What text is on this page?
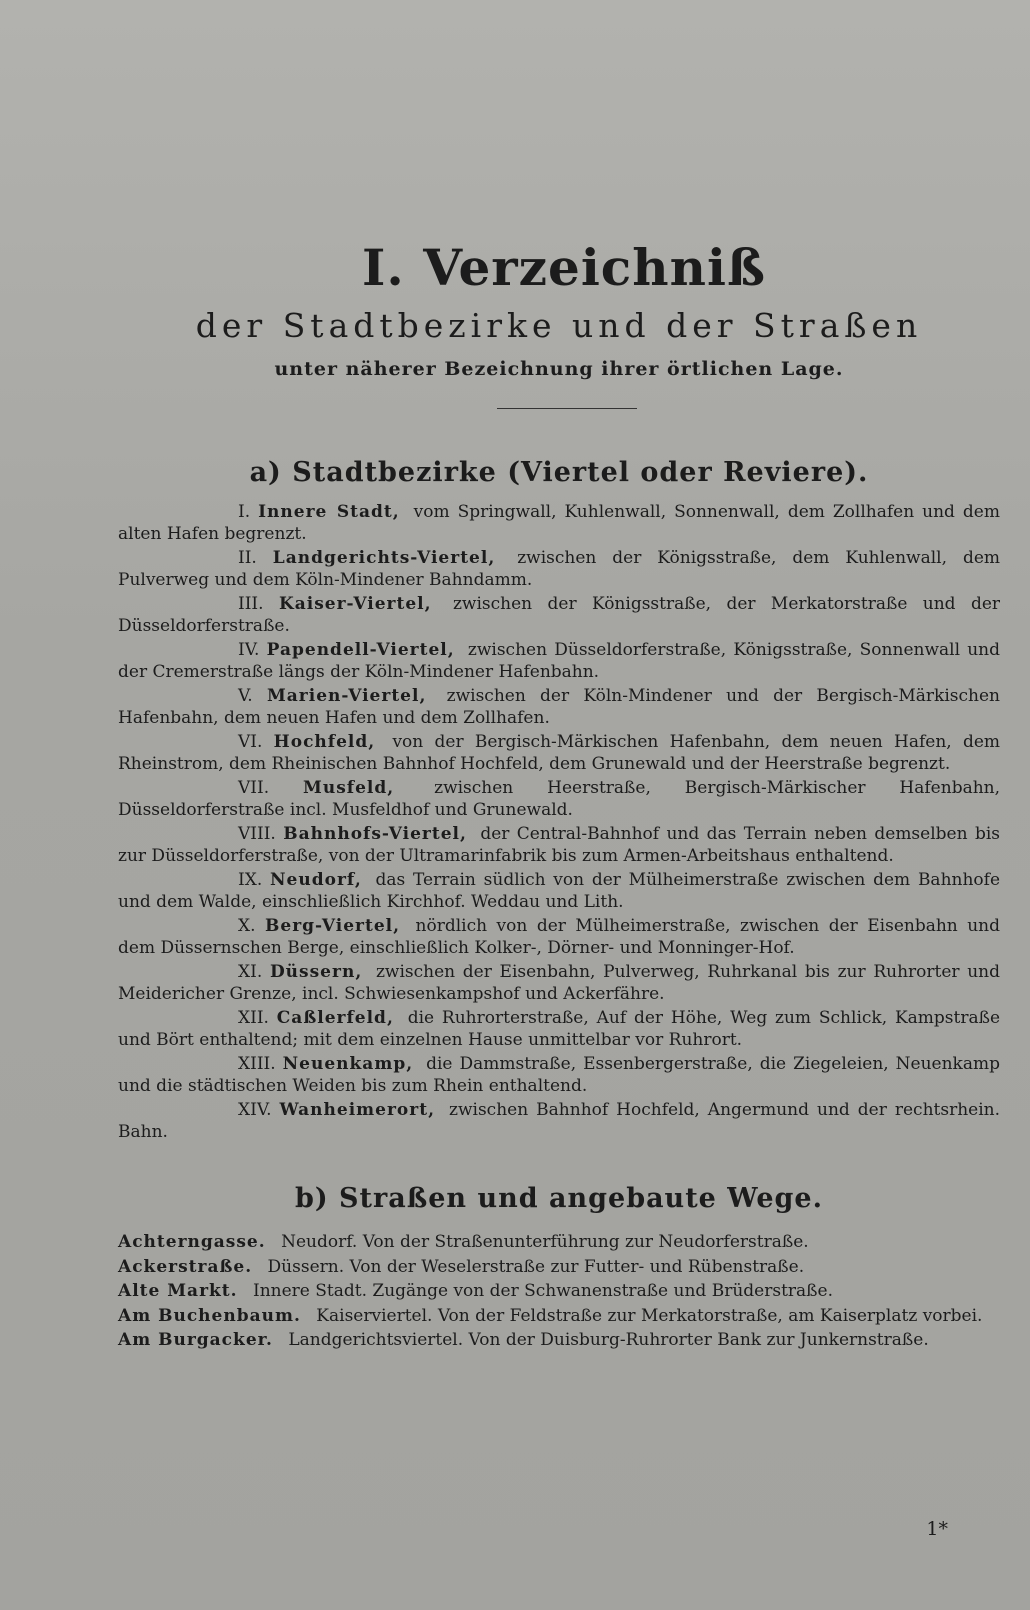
I. Verzeichniß

der Stadtbezirke und der Straßen

unter näherer Bezeichnung ihrer örtlichen Lage.

a) Stadtbezirke (Viertel oder Reviere).

I. Innere Stadt, vom Springwall, Kuhlenwall, Sonnenwall, dem Zollhafen und dem alten Hafen begrenzt.

II. Landgerichts-Viertel, zwischen der Königsstraße, dem Kuhlenwall, dem Pulverweg und dem Köln-Mindener Bahndamm.

III. Kaiser-Viertel, zwischen der Königsstraße, der Merkatorstraße und der Düsseldorferstraße.

IV. Papendell-Viertel, zwischen Düsseldorferstraße, Königsstraße, Sonnenwall und der Cremerstraße längs der Köln-Mindener Hafenbahn.

V. Marien-Viertel, zwischen der Köln-Mindener und der Bergisch-Märkischen Hafenbahn, dem neuen Hafen und dem Zollhafen.

VI. Hochfeld, von der Bergisch-Märkischen Hafenbahn, dem neuen Hafen, dem Rheinstrom, dem Rheinischen Bahnhof Hochfeld, dem Grunewald und der Heerstraße begrenzt.

VII. Musfeld, zwischen Heerstraße, Bergisch-Märkischer Hafenbahn, Düsseldorferstraße incl. Musfeldhof und Grunewald.

VIII. Bahnhofs-Viertel, der Central-Bahnhof und das Terrain neben demselben bis zur Düsseldorferstraße, von der Ultramarinfabrik bis zum Armen-Arbeitshaus enthaltend.

IX. Neudorf, das Terrain südlich von der Mülheimerstraße zwischen dem Bahnhofe und dem Walde, einschließlich Kirchhof. Weddau und Lith.

X. Berg-Viertel, nördlich von der Mülheimerstraße, zwischen der Eisenbahn und dem Düssernschen Berge, einschließlich Kolker-, Dörner- und Monninger-Hof.

XI. Düssern, zwischen der Eisenbahn, Pulverweg, Ruhrkanal bis zur Ruhrorter und Meidericher Grenze, incl. Schwiesenkampshof und Ackerfähre.

XII. Caßlerfeld, die Ruhrorterstraße, Auf der Höhe, Weg zum Schlick, Kampstraße und Bört enthaltend; mit dem einzelnen Hause unmittelbar vor Ruhrort.

XIII. Neuenkamp, die Dammstraße, Essenbergerstraße, die Ziegeleien, Neuenkamp und die städtischen Weiden bis zum Rhein enthaltend.

XIV. Wanheimerort, zwischen Bahnhof Hochfeld, Angermund und der rechtsrhein. Bahn.

b) Straßen und angebaute Wege.

Achterngasse. Neudorf. Von der Straßenunterführung zur Neudorferstraße.

Ackerstraße. Düssern. Von der Weselerstraße zur Futter- und Rübenstraße.

Alte Markt. Innere Stadt. Zugänge von der Schwanenstraße und Brüderstraße.

Am Buchenbaum. Kaiserviertel. Von der Feldstraße zur Merkatorstraße, am Kaiserplatz vorbei.

Am Burgacker. Landgerichtsviertel. Von der Duisburg-Ruhrorter Bank zur Junkernstraße.

1*
